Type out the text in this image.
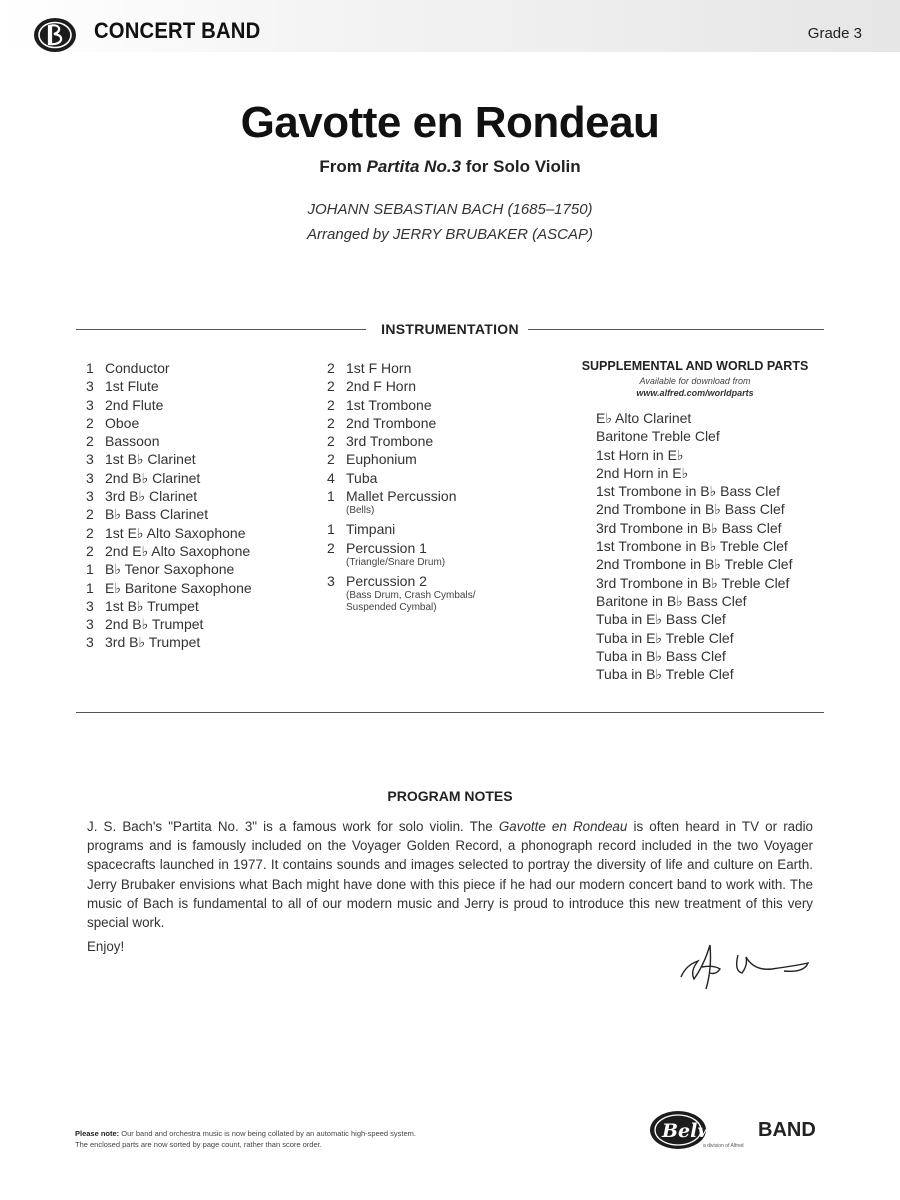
CONCERT BAND	Grade 3
Gavotte en Rondeau
From Partita No.3 for Solo Violin
JOHANN SEBASTIAN BACH (1685–1750)
Arranged by JERRY BRUBAKER (ASCAP)
INSTRUMENTATION
1 Conductor
3 1st Flute
3 2nd Flute
2 Oboe
2 Bassoon
3 1st B♭ Clarinet
3 2nd B♭ Clarinet
3 3rd B♭ Clarinet
2 B♭ Bass Clarinet
2 1st E♭ Alto Saxophone
2 2nd E♭ Alto Saxophone
1 B♭ Tenor Saxophone
1 E♭ Baritone Saxophone
3 1st B♭ Trumpet
3 2nd B♭ Trumpet
3 3rd B♭ Trumpet
2 1st F Horn
2 2nd F Horn
2 1st Trombone
2 2nd Trombone
2 3rd Trombone
2 Euphonium
4 Tuba
1 Mallet Percussion
(Bells)
1 Timpani
2 Percussion 1
(Triangle/Snare Drum)
3 Percussion 2
(Bass Drum, Crash Cymbals/
Suspended Cymbal)
SUPPLEMENTAL AND WORLD PARTS
Available for download from
www.alfred.com/worldparts
E♭ Alto Clarinet
Baritone Treble Clef
1st Horn in E♭
2nd Horn in E♭
1st Trombone in B♭ Bass Clef
2nd Trombone in B♭ Bass Clef
3rd Trombone in B♭ Bass Clef
1st Trombone in B♭ Treble Clef
2nd Trombone in B♭ Treble Clef
3rd Trombone in B♭ Treble Clef
Baritone in B♭ Bass Clef
Tuba in E♭ Bass Clef
Tuba in E♭ Treble Clef
Tuba in B♭ Bass Clef
Tuba in B♭ Treble Clef
PROGRAM NOTES
J. S. Bach's "Partita No. 3" is a famous work for solo violin. The Gavotte en Rondeau is often heard in TV or radio programs and is famously included on the Voyager Golden Record, a phonograph record included in the two Voyager spacecrafts launched in 1977. It contains sounds and images selected to portray the diversity of life and culture on Earth. Jerry Brubaker envisions what Bach might have done with this piece if he had our modern concert band to work with. The music of Bach is fundamental to all of our modern music and Jerry is proud to introduce this new treatment of this very special work.
Enjoy!
Please note: Our band and orchestra music is now being collated by an automatic high-speed system.
The enclosed parts are now sorted by page count, rather than score order.
Belwin BAND
a division of Alfred
